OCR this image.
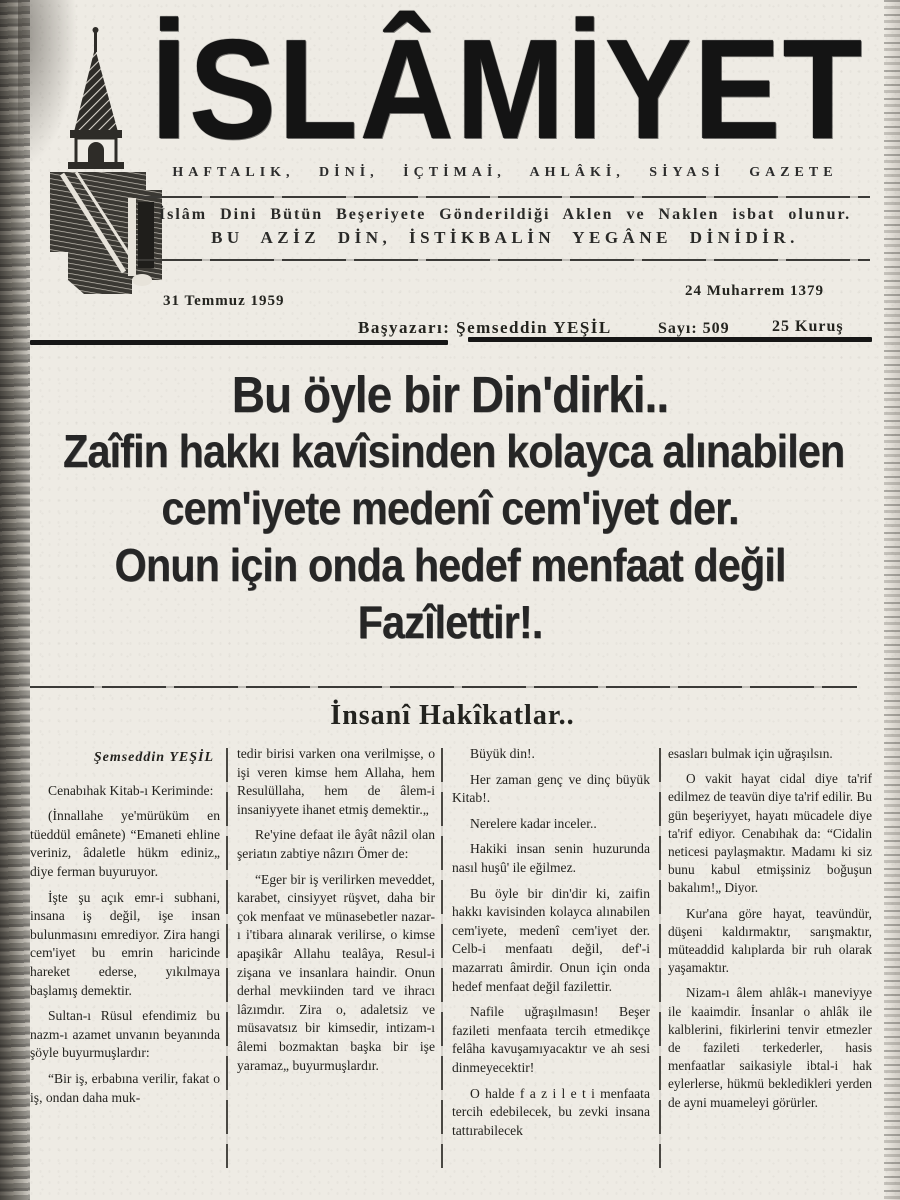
İSLÂMİYET
HAFTALIK, DİNİ, İÇTİMAİ, AHLÂKİ, SİYASİ GAZETE
İslâm Dini Bütün Beşeriyete Gönderildiği Aklen ve Naklen isbat olunur.
BU AZİZ DİN, İSTİKBALİN YEGÂNE DİNİDİR.
31 Temmuz 1959
24 Muharrem 1379
Başyazarı: Şemseddin YEŞİL	Sayı: 509	25 Kuruş
Bu öyle bir Din'dirki..
Zaîfin hakkı kavîsinden kolayca alınabilen
cem'iyete medenî cem'iyet der.
Onun için onda hedef menfaat değil
Fazîlettir!.
İnsanî Hakîkatlar..
Şemseddin YEŞİL

Cenabıhak Kitab-ı Keriminde:

(İnnallahe ye'mürüküm en tüeddül emânete) “Emaneti ehline veriniz, âdaletle hükm ediniz„ diye ferman buyuruyor.

İşte şu açık emr-i subhani, insana iş değil, işe insan bulunmasını emrediyor. Zira hangi cem'iyet bu emrin haricinde hareket ederse, yıkılmaya başlamış demektir.

Sultan-ı Rüsul efendimiz bu nazm-ı azamet unvanın beyanında şöyle buyurmuşlardır:

“Bir iş, erbabına verilir, fakat o iş, ondan daha muk-

tedir birisi varken ona verilmişse, o işi veren kimse hem Allaha, hem Resulüllaha, hem de âlem-i insaniyyete ihanet etmiş demektir.„

Re'yine defaat ile âyât nâzil olan şeriatın zabtiye nâzırı Ömer de:

“Eger bir iş verilirken meveddet, karabet, cinsiyyet rüşvet, daha bir çok menfaat ve münasebetler nazar-ı i'tibara alınarak verilirse, o kimse apaşikâr Allahu tealâya, Resul-i zişana ve insanlara haindir. Onun derhal mevkiinden tard ve ihracı lâzımdır. Zira o, adaletsiz ve müsavatsız bir kimsedir, intizam-ı âlemi bozmaktan başka bir işe yaramaz„ buyurmuşlardır.

Büyük din!.

Her zaman genç ve dinç büyük Kitab!.

Nerelere kadar inceler..

Hakiki insan senin huzurunda nasıl huşû' ile eğilmez.

Bu öyle bir din'dir ki, zaifin hakkı kavisinden kolayca alınabilen cem'iyete, medenî cem'iyet der. Celb-i menfaatı değil, def'-i mazarratı âmirdir. Onun için onda hedef menfaat değil fazilettir.

Nafile uğraşılmasın! Beşer fazileti menfaata tercih etmedikçe felâha kavuşamıyacaktır ve ah sesi dinmeyecektir!

O halde f a z i l e t i menfaata tercih edebilecek, bu zevki insana tattırabilecek

esasları bulmak için uğraşılsın.

O vakit hayat cidal diye ta'rif edilmez de teavün diye ta'rif edilir. Bu gün beşeriyyet, hayatı mücadele diye ta'rif ediyor. Cenabıhak da: “Cidalin neticesi paylaşmaktır. Madamı ki siz bunu kabul etmişsiniz boğuşun bakalım!„ Diyor.

Kur'ana göre hayat, teavündür, düşeni kaldırmaktır, sarışmaktır, müteaddid kalıplarda bir ruh olarak yaşamaktır.

Nizam-ı âlem ahlâk-ı maneviyye ile kaaimdir. İnsanlar o ahlâk ile kalblerini, fikirlerini tenvir etmezler de fazileti terkederler, hasis menfaatlar saikasiyle ibtal-i hak eylerlerse, hükmü bekledikleri yerden de ayni muameleyi görürler.
